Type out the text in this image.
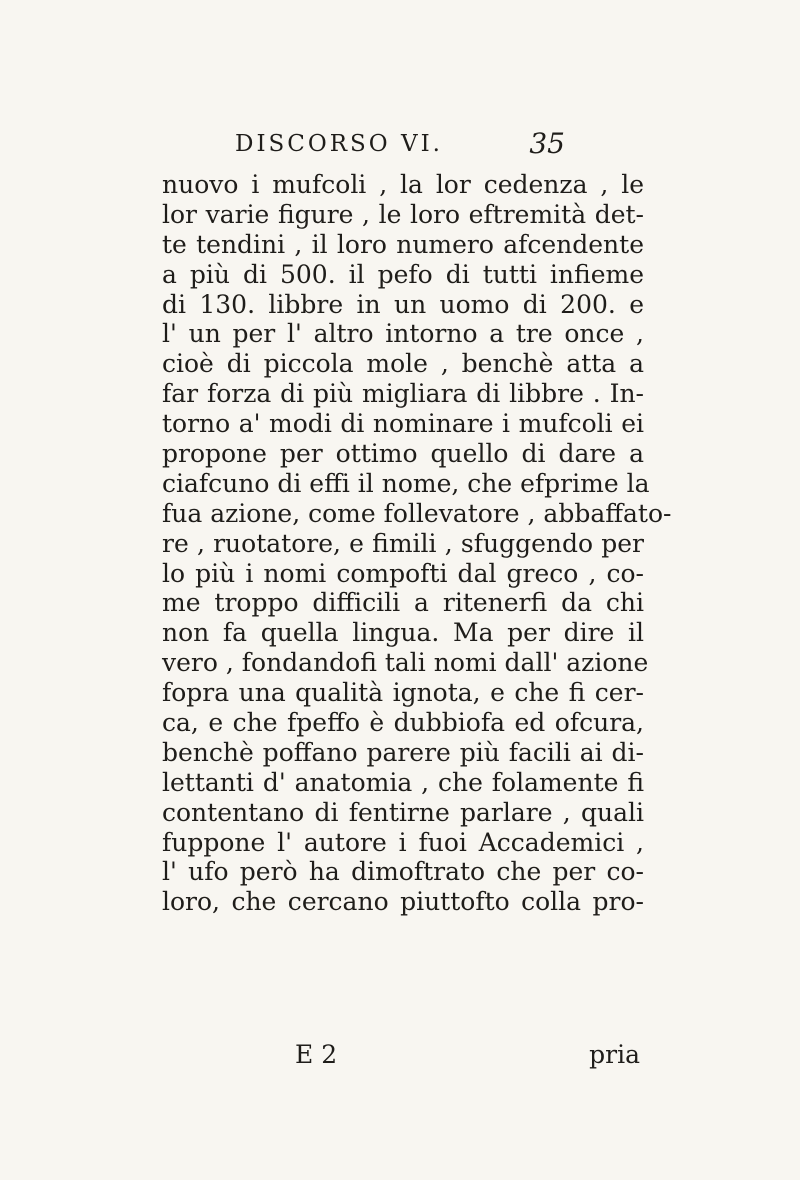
DISCORSO VI.	35
nuovo i mufcoli , la lor cedenza , le
lor varie figure , le loro eftremità det-
te tendini , il loro numero afcendente
a più di 500. il pefo di tutti infieme
di 130. libbre in un uomo di 200. e
l' un per l' altro intorno a tre once ,
cioè di piccola mole , benchè atta a
far forza di più migliara di libbre . In-
torno a' modi di nominare i mufcoli ei
propone per ottimo quello di dare a
ciafcuno di effi il nome, che efprime la
fua azione, come follevatore , abbaffato-
re , ruotatore, e fimili , sfuggendo per
lo più i nomi compofti dal greco , co-
me troppo difficili a ritenerfi da chi
non fa quella lingua. Ma per dire il
vero , fondandofi tali nomi dall' azione
fopra una qualità ignota, e che fi cer-
ca, e che fpeffo è dubbiofa ed ofcura,
benchè poffano parere più facili ai di-
lettanti d' anatomia , che folamente fi
contentano di fentirne parlare , quali
fuppone l' autore i fuoi Accademici ,
l' ufo però ha dimoftrato che per co-
loro, che cercano piuttofto colla pro-
E 2	pria
